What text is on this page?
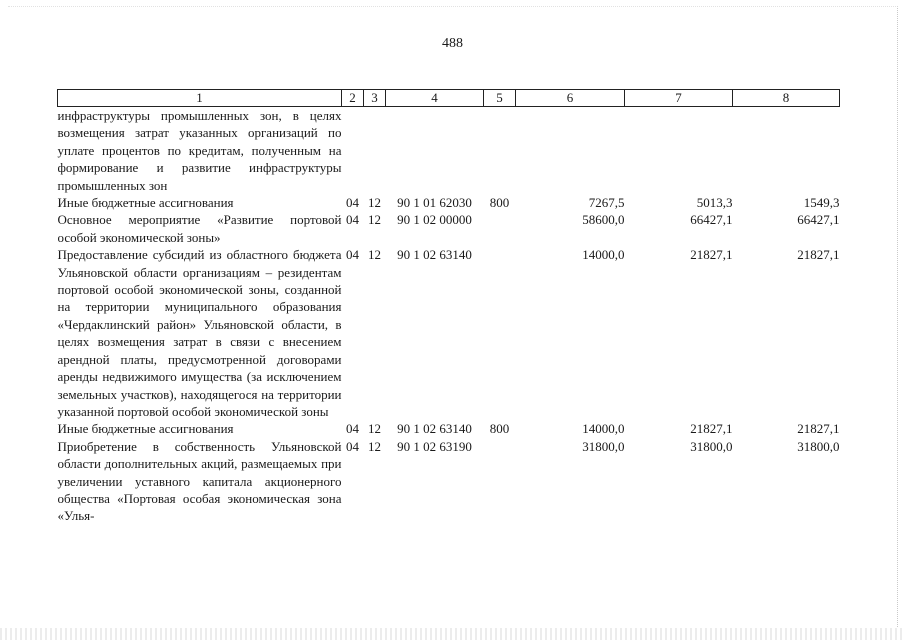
488
1	2	3	4	5	6	7	8
инфраструктуры промышленных зон, в целях возмещения затрат указанных организаций по уплате процентов по кредитам, полученным на формирование и развитие инфраструктуры промышленных зон							
Иные бюджетные ассигнования	04	12	90 1 01 62030	800	7267,5	5013,3	1549,3
Основное мероприятие «Развитие портовой особой экономической зоны»	04	12	90 1 02 00000		58600,0	66427,1	66427,1
Предоставление субсидий из областного бюджета Ульяновской области организациям – резидентам портовой особой экономической зоны, созданной на территории муниципального образования «Чердаклинский район» Ульяновской области, в целях возмещения затрат в связи с внесением арендной платы, предусмотренной договорами аренды недвижимого имущества (за исключением земельных участков), находящегося на территории указанной портовой особой экономической зоны	04	12	90 1 02 63140		14000,0	21827,1	21827,1
Иные бюджетные ассигнования	04	12	90 1 02 63140	800	14000,0	21827,1	21827,1
Приобретение в собственность Ульяновской области дополнительных акций, размещаемых при увеличении уставного капитала акционерного общества «Портовая особая экономическая зона «Улья-	04	12	90 1 02 63190		31800,0	31800,0	31800,0
